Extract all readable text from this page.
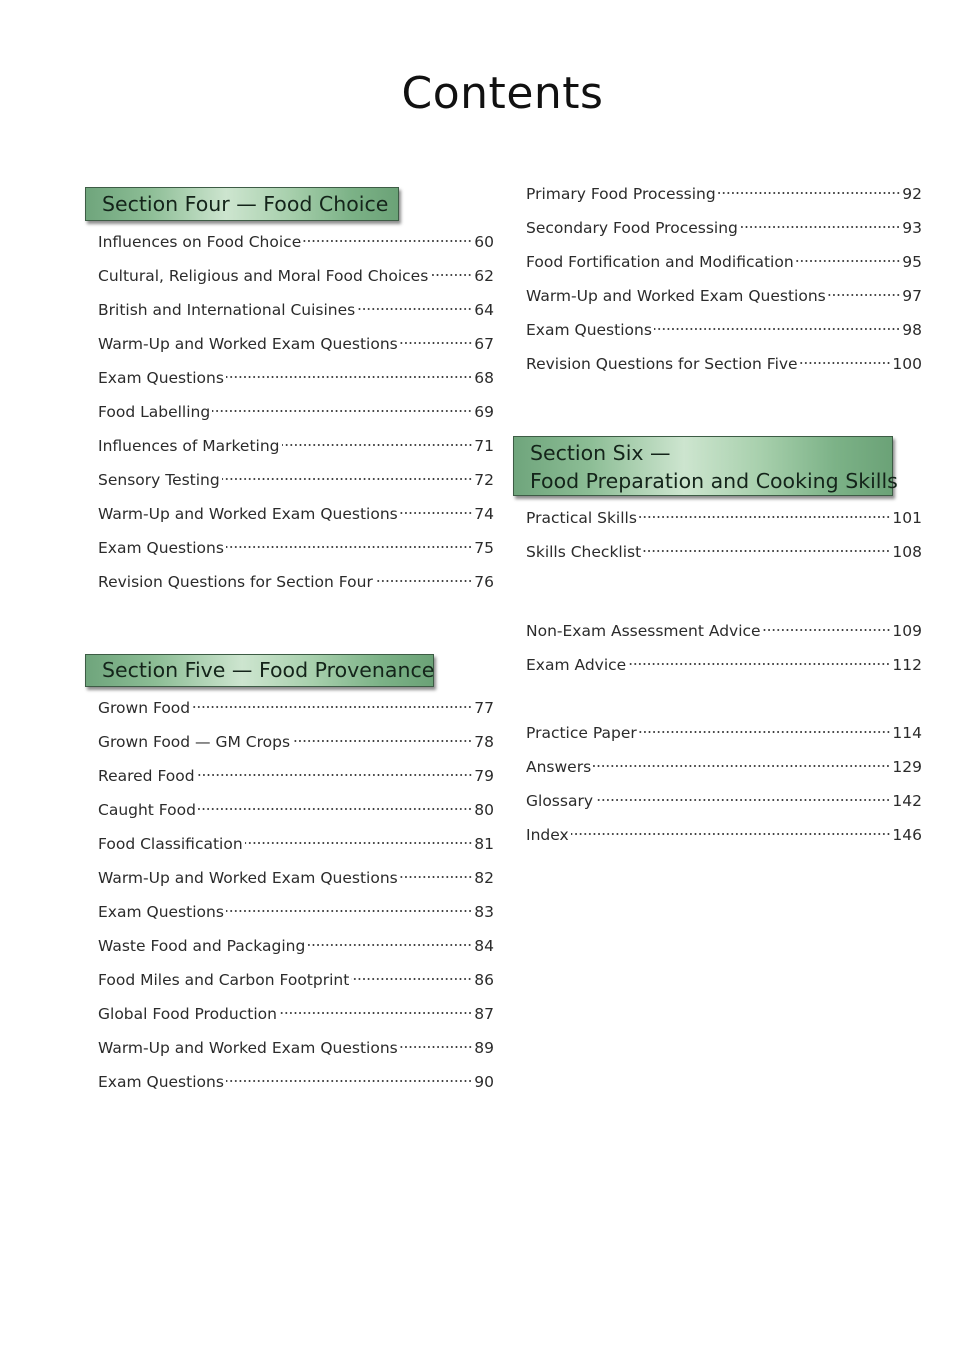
Contents
Section Four — Food Choice
Influences on Food Choice	60
Cultural, Religious and Moral Food Choices	62
British and International Cuisines	64
Warm-Up and Worked Exam Questions	67
Exam Questions	68
Food Labelling	69
Influences of Marketing	71
Sensory Testing	72
Warm-Up and Worked Exam Questions	74
Exam Questions	75
Revision Questions for Section Four	76
Section Five — Food Provenance
Grown Food	77
Grown Food — GM Crops	78
Reared Food	79
Caught Food	80
Food Classification	81
Warm-Up and Worked Exam Questions	82
Exam Questions	83
Waste Food and Packaging	84
Food Miles and Carbon Footprint	86
Global Food Production	87
Warm-Up and Worked Exam Questions	89
Exam Questions	90
Primary Food Processing	92
Secondary Food Processing	93
Food Fortification and Modification	95
Warm-Up and Worked Exam Questions	97
Exam Questions	98
Revision Questions for Section Five	100
Section Six —
Food Preparation and Cooking Skills
Practical Skills	101
Skills Checklist	108
Non-Exam Assessment Advice	109
Exam Advice	112
Practice Paper	114
Answers	129
Glossary	142
Index	146
